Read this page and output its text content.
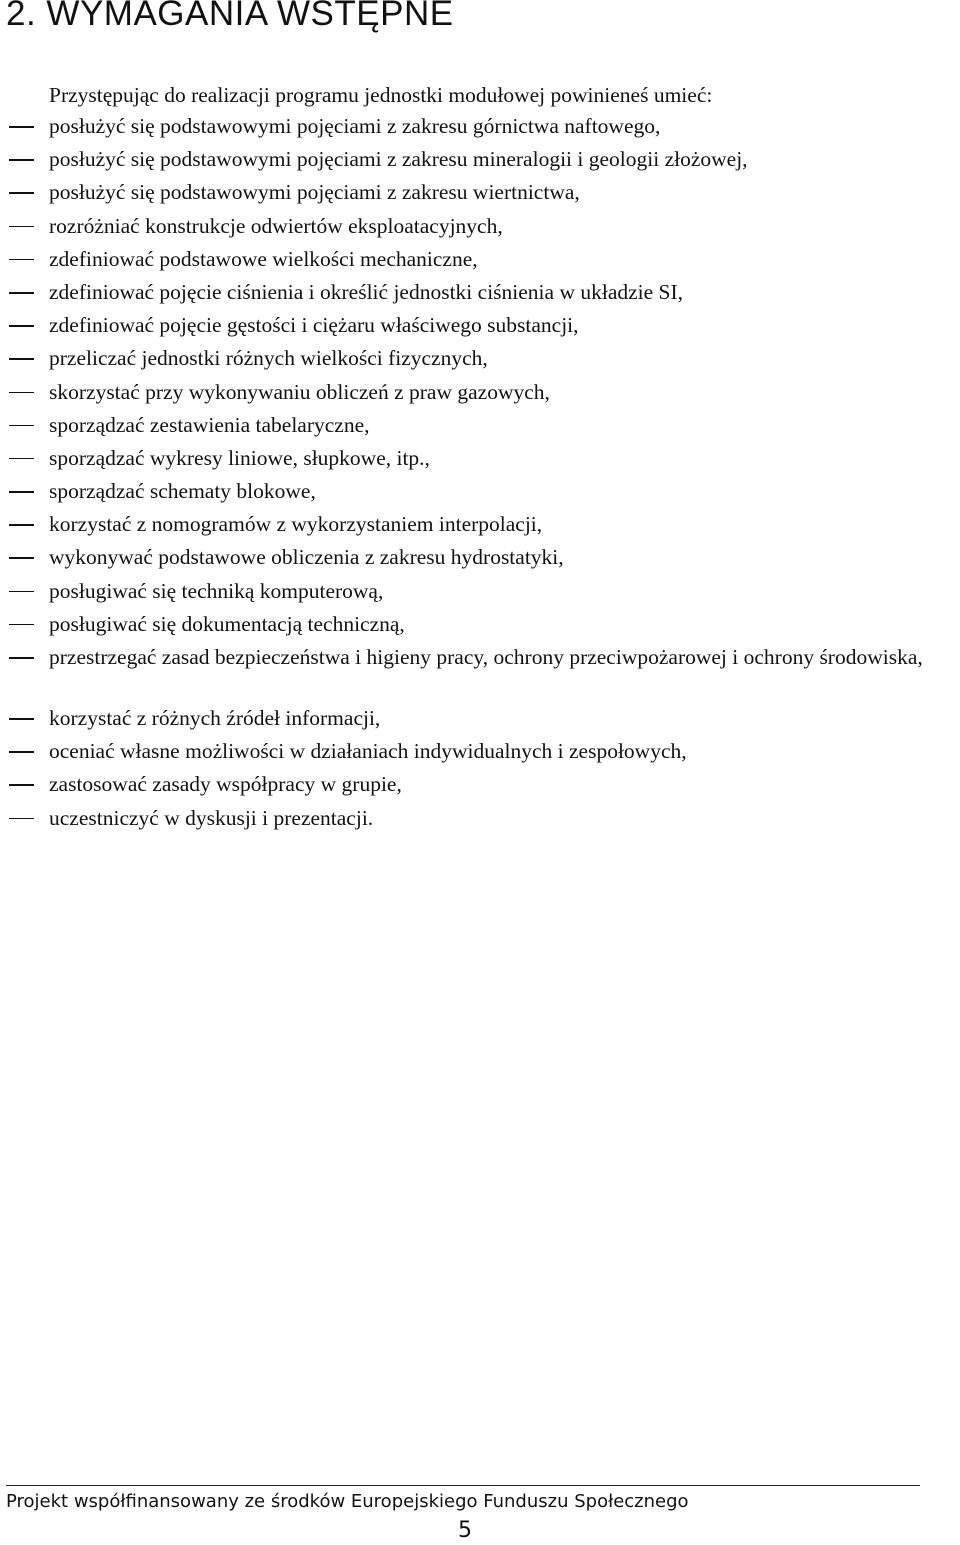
2. WYMAGANIA WSTĘPNE

Przystępując do realizacji programu jednostki modułowej powinieneś umieć:

posłużyć się podstawowymi pojęciami z zakresu górnictwa naftowego,
posłużyć się podstawowymi pojęciami z zakresu mineralogii i geologii złożowej,
posłużyć się podstawowymi pojęciami z zakresu wiertnictwa,
rozróżniać konstrukcje odwiertów eksploatacyjnych,
zdefiniować podstawowe wielkości mechaniczne,
zdefiniować pojęcie ciśnienia i określić jednostki ciśnienia w układzie SI,
zdefiniować pojęcie gęstości i ciężaru właściwego substancji,
przeliczać jednostki różnych wielkości fizycznych,
skorzystać przy wykonywaniu obliczeń z praw gazowych,
sporządzać zestawienia tabelaryczne,
sporządzać wykresy liniowe, słupkowe, itp.,
sporządzać schematy blokowe,
korzystać z nomogramów z wykorzystaniem interpolacji,
wykonywać podstawowe obliczenia z zakresu hydrostatyki,
posługiwać się techniką komputerową,
posługiwać się dokumentacją techniczną,
przestrzegać zasad bezpieczeństwa i higieny pracy, ochrony przeciwpożarowej i ochrony środowiska,
korzystać z różnych źródeł informacji,
oceniać własne możliwości w działaniach indywidualnych i zespołowych,
zastosować zasady współpracy w grupie,
uczestniczyć w dyskusji i prezentacji.

Projekt współfinansowany ze środków Europejskiego Funduszu Społecznego

5
